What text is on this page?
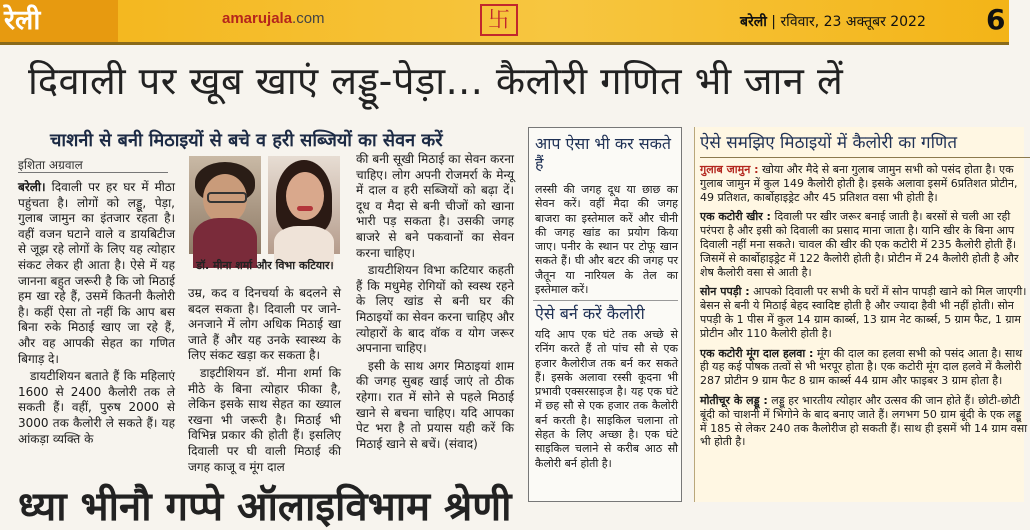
रेली	amarujala.com	卐	बरेली | रविवार, 23 अक्तूबर 2022 6
दिवाली पर खूब खाएं लड्डू-पेड़ा... कैलोरी गणित भी जान लें
चाशनी से बनी मिठाइयों से बचे व हरी सब्जियों का सेवन करें
इशिता अग्रवाल

बरेली। दिवाली पर हर घर में मीठा पहुंचता है। लोगों को लड्डू, पेड़ा, गुलाब जामुन का इंतजार रहता है। वहीं वजन घटाने वाले व डायबिटीज से जूझ रहे लोगों के लिए यह त्योहार संकट लेकर ही आता है। ऐसे में यह जानना बहुत जरूरी है कि जो मिठाई हम खा रहे हैं, उसमें कितनी कैलोरी है। कहीं ऐसा तो नहीं कि आप बस बिना रुके मिठाई खाए जा रहे हैं, और वह आपकी सेहत का गणित बिगाड़ दे।

डायटीशियन बताते हैं कि महिलाएं 1600 से 2400 कैलोरी तक ले सकती हैं। वहीं, पुरुष 2000 से 3000 तक कैलोरी ले सकते हैं। यह आंकड़ा व्यक्ति के

डॉ. मीना शर्मा और विभा कटियार।

उम्र, कद व दिनचर्या के बदलने से बदल सकता है। दिवाली पर जाने-अनजाने में लोग अधिक मिठाई खा जाते हैं और यह उनके स्वास्थ्य के लिए संकट खड़ा कर सकता है।

डाइटीशियन डॉ. मीना शर्मा कि मीठे के बिना त्योहार फीका है, लेकिन इसके साथ सेहत का ख्याल रखना भी जरूरी है। मिठाई भी विभिन्न प्रकार की होती हैं। इसलिए दिवाली पर घी वाली मिठाई की जगह काजू व मूंग दाल

की बनी सूखी मिठाई का सेवन करना चाहिए। लोग अपनी रोजमर्रा के मेन्यू में दाल व हरी सब्जियों को बढ़ा दें। दूध व मैदा से बनी चीजों को खाना भारी पड़ सकता है। उसकी जगह बाजरे से बने पकवानों का सेवन करना चाहिए।

डायटीशियन विभा कटियार कहती हैं कि मधुमेह रोगियों को स्वस्थ रहने के लिए खांड से बनी घर की मिठाइयों का सेवन करना चाहिए और त्योहारों के बाद वॉक व योग जरूर अपनाना चाहिए।

इसी के साथ अगर मिठाइयां शाम की जगह सुबह खाई जाएं तो ठीक रहेगा। रात में सोने से पहले मिठाई खाने से बचना चाहिए। यदि आपका पेट भरा है तो प्रयास यही करें कि मिठाई खाने से बचें। (संवाद)

आप ऐसा भी कर सकते हैं
लस्सी की जगह दूध या छाछ का सेवन करें। वहीं मैदा की जगह बाजरा का इस्तेमाल करें और चीनी की जगह खांड का प्रयोग किया जाए। पनीर के स्थान पर टोफू खान सकते हैं। घी और बटर की जगह पर जैतून या नारियल के तेल का इस्तेमाल करें।
ऐसे बर्न करें कैलोरी
यदि आप एक घंटे तक अच्छे से रनिंग करते हैं तो पांच सौ से एक हजार कैलोरीज तक बर्न कर सकते हैं। इसके अलावा रस्सी कूदना भी प्रभावी एक्सरसाइज है। यह एक घंटे में छह सौ से एक हजार तक कैलोरी बर्न करती है। साइकिल चलाना तो सेहत के लिए अच्छा है। एक घंटे साइकिल चलाने से करीब आठ सौ कैलोरी बर्न होती है।
ऐसे समझिए मिठाइयों में कैलोरी का गणित

गुलाब जामुन : खोया और मैदे से बना गुलाब जामुन सभी को पसंद होता है। एक गुलाब जामुन में कुल 149 कैलोरी होती है। इसके अलावा इसमें 6प्रतिशत प्रोटीन, 49 प्रतिशत, कार्बोहाइड्रेट और 45 प्रतिशत वसा भी होती है।

एक कटोरी खीर : दिवाली पर खीर जरूर बनाई जाती है। बरसों से चली आ रही परंपरा है और इसी को दिवाली का प्रसाद माना जाता है। यानि खीर के बिना आप दिवाली नहीं मना सकते। चावल की खीर की एक कटोरी में 235 कैलोरी होती हैं। जिसमें से कार्बोहाइड्रेट में 122 कैलोरी होती है। प्रोटीन में 24 कैलोरी होती है और शेष कैलोरी वसा से आती है।

सोन पपड़ी : आपको दिवाली पर सभी के घरों में सोन पापड़ी खाने को मिल जाएगी। बेसन से बनी ये मिठाई बेहद स्वादिष्ट होती है और ज्यादा हैवी भी नहीं होती। सोन पपड़ी के 1 पीस में कुल 14 ग्राम कार्ब्स, 13 ग्राम नेट कार्ब्स, 5 ग्राम फैट, 1 ग्राम प्रोटीन और 110 कैलोरी होती है।

एक कटोरी मूंग दाल हलवा : मूंग की दाल का हलवा सभी को पसंद आता है। साथ ही यह कई पोषक तत्वों से भी भरपूर होता है। एक कटोरी मूंग दाल हलवे में कैलोरी 287 प्रोटीन 9 ग्राम फैट 8 ग्राम कार्ब्स 44 ग्राम और फाइबर 3 ग्राम होता है।

मोतीचूर के लड्डू : लड्डू हर भारतीय त्योहार और उत्सव की जान होते हैं। छोटी-छोटी बूंदी को चाशनी में भिगोने के बाद बनाए जाते हैं। लगभग 50 ग्राम बूंदी के एक लड्डू में 185 से लेकर 240 तक कैलोरीज हो सकती हैं। साथ ही इसमें भी 14 ग्राम वसा भी होती है।

ध्या भीनौ गप्पे ऑलाइविभाम श्रेणी
